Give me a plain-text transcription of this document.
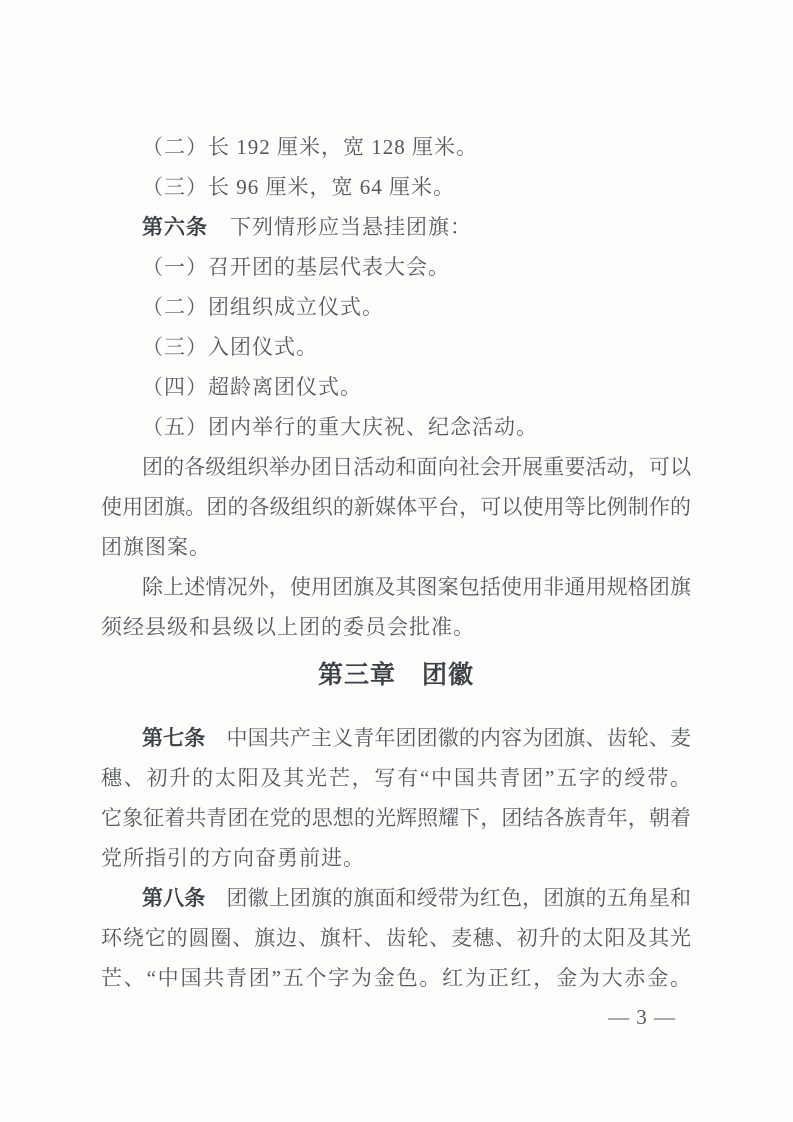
（二）长 192 厘米，宽 128 厘米。
（三）长 96 厘米，宽 64 厘米。
第六条　下列情形应当悬挂团旗：
（一）召开团的基层代表大会。
（二）团组织成立仪式。
（三）入团仪式。
（四）超龄离团仪式。
（五）团内举行的重大庆祝、纪念活动。
团的各级组织举办团日活动和面向社会开展重要活动，可以
使用团旗。团的各级组织的新媒体平台，可以使用等比例制作的
团旗图案。
除上述情况外，使用团旗及其图案包括使用非通用规格团旗
须经县级和县级以上团的委员会批准。
第三章　团徽
第七条　中国共产主义青年团团徽的内容为团旗、齿轮、麦
穗、初升的太阳及其光芒，写有“中国共青团”五字的绶带。
它象征着共青团在党的思想的光辉照耀下，团结各族青年，朝着
党所指引的方向奋勇前进。
第八条　团徽上团旗的旗面和绶带为红色，团旗的五角星和
环绕它的圆圈、旗边、旗杆、齿轮、麦穗、初升的太阳及其光
芒、“中国共青团”五个字为金色。红为正红，金为大赤金。
— 3 —
